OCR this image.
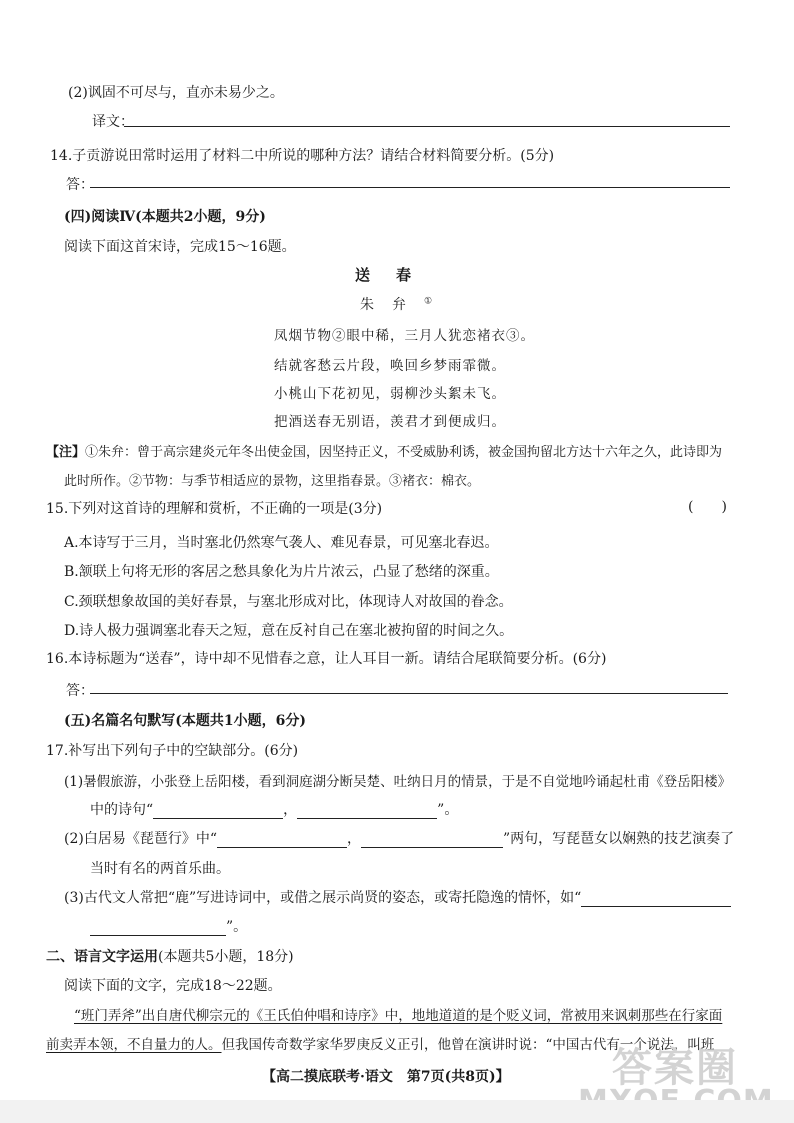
(2)讽固不可尽与，直亦未易少之。
译文：
14.子贡游说田常时运用了材料二中所说的哪种方法？请结合材料简要分析。(5分)
答：
(四)阅读Ⅳ(本题共2小题，9分)
阅读下面这首宋诗，完成15～16题。
送春
朱弁①
凤烟节物②眼中稀，三月人犹恋褚衣③。
结就客愁云片段，唤回乡梦雨霏微。
小桃山下花初见，弱柳沙头絮未飞。
把酒送春无别语，羡君才到便成归。
【注】①朱弁：曾于高宗建炎元年冬出使金国，因坚持正义，不受威胁利诱，被金国拘留北方达十六年之久，此诗即为
此时所作。②节物：与季节相适应的景物，这里指春景。③褚衣：棉衣。
15.下列对这首诗的理解和赏析，不正确的一项是(3分)	(　　)
A.本诗写于三月，当时塞北仍然寒气袭人、难见春景，可见塞北春迟。
B.颔联上句将无形的客居之愁具象化为片片浓云，凸显了愁绪的深重。
C.颈联想象故国的美好春景，与塞北形成对比，体现诗人对故国的眷念。
D.诗人极力强调塞北春天之短，意在反衬自己在塞北被拘留的时间之久。
16.本诗标题为“送春”，诗中却不见惜春之意，让人耳目一新。请结合尾联简要分析。(6分)
答：
(五)名篇名句默写(本题共1小题，6分)
17.补写出下列句子中的空缺部分。(6分)
(1)暑假旅游，小张登上岳阳楼，看到洞庭湖分断吴楚、吐纳日月的情景，于是不自觉地吟诵起杜甫《登岳阳楼》
中的诗句“	，	”。
(2)白居易《琵琶行》中“	，	”两句，写琵琶女以娴熟的技艺演奏了
当时有名的两首乐曲。
(3)古代文人常把“鹿”写进诗词中，或借之展示尚贤的姿态，或寄托隐逸的情怀，如“
”。
二、语言文字运用(本题共5小题，18分)
阅读下面的文字，完成18～22题。
“班门弄斧”出自唐代柳宗元的《王氏伯仲唱和诗序》中，地地道道的是个贬义词，常被用来讽刺那些在行家面
前卖弄本领，不自量力的人。但我国传奇数学家华罗庚反义正引，他曾在演讲时说：“中国古代有一个说法，叫班
【高二摸底联考·语文　第7页(共8页)】	答案圈
